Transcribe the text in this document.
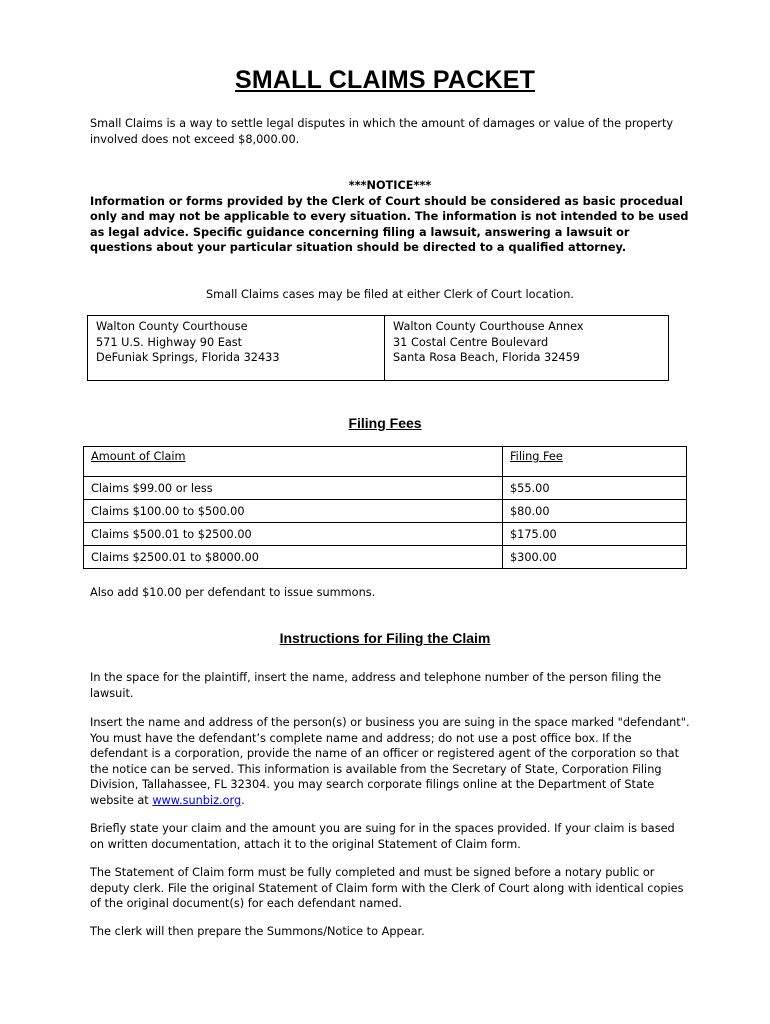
SMALL CLAIMS PACKET
Small Claims is a way to settle legal disputes in which the amount of damages or value of the property involved does not exceed $8,000.00.
***NOTICE***
Information or forms provided by the Clerk of Court should be considered as basic procedual only and may not be applicable to every situation. The information is not intended to be used as legal advice. Specific guidance concerning filing a lawsuit, answering a lawsuit or questions about your particular situation should be directed to a qualified attorney.
Small Claims cases may be filed at either Clerk of Court location.
Walton County Courthouse
571 U.S. Highway 90 East
DeFuniak Springs, Florida 32433
Walton County Courthouse Annex
31 Costal Centre Boulevard
Santa Rosa Beach, Florida 32459
Filing Fees
Amount of Claim	Filing Fee
Claims $99.00 or less	$55.00
Claims $100.00 to $500.00	$80.00
Claims $500.01 to $2500.00	$175.00
Claims $2500.01 to $8000.00	$300.00
Also add $10.00 per defendant to issue summons.
Instructions for Filing the Claim
In the space for the plaintiff, insert the name, address and telephone number of the person filing the lawsuit.
Insert the name and address of the person(s) or business you are suing in the space marked "defendant". You must have the defendant’s complete name and address; do not use a post office box. If the defendant is a corporation, provide the name of an officer or registered agent of the corporation so that the notice can be served. This information is available from the Secretary of State, Corporation Filing Division, Tallahassee, FL 32304. you may search corporate filings online at the Department of State website at www.sunbiz.org.
Briefly state your claim and the amount you are suing for in the spaces provided. If your claim is based on written documentation, attach it to the original Statement of Claim form.
The Statement of Claim form must be fully completed and must be signed before a notary public or deputy clerk. File the original Statement of Claim form with the Clerk of Court along with identical copies of the original document(s) for each defendant named.
The clerk will then prepare the Summons/Notice to Appear.
